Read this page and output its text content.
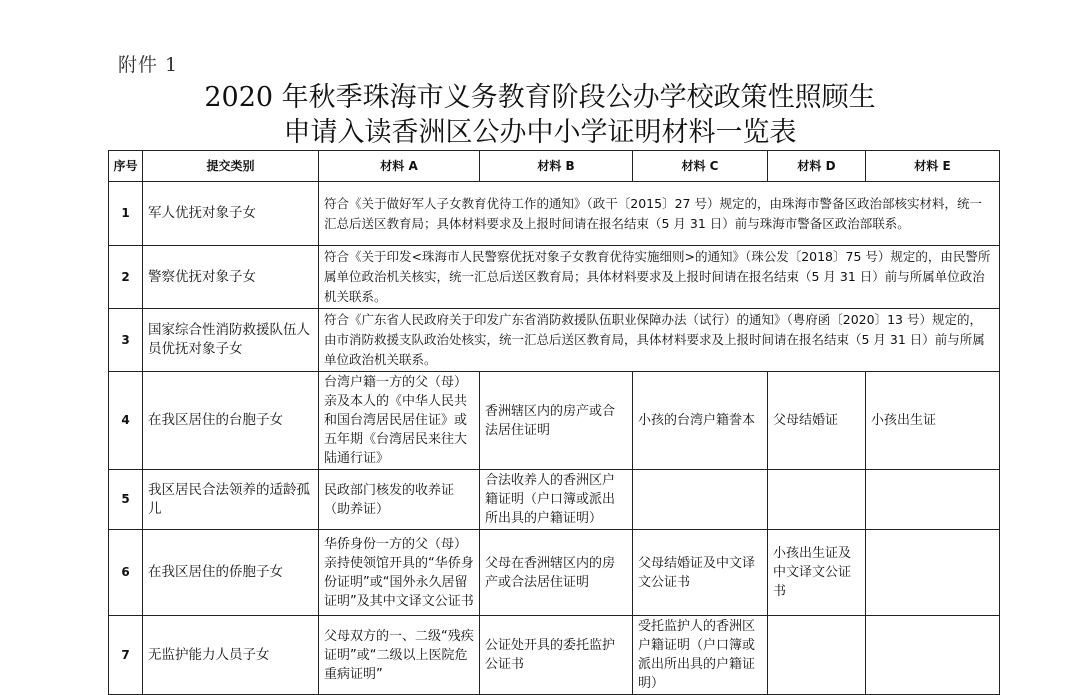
附件 1
2020 年秋季珠海市义务教育阶段公办学校政策性照顾生
申请入读香洲区公办中小学证明材料一览表
序号	提交类别	材料 A	材料 B	材料 C	材料 D	材料 E
1	军人优抚对象子女	符合《关于做好军人子女教育优待工作的通知》（政干〔2015〕27 号）规定的，由珠海市警备区政治部核实材料，统一汇总后送区教育局；具体材料要求及上报时间请在报名结束（5 月 31 日）前与珠海市警备区政治部联系。				
2	警察优抚对象子女	符合《关于印发<珠海市人民警察优抚对象子女教育优待实施细则>的通知》（珠公发〔2018〕75 号）规定的，由民警所属单位政治机关核实，统一汇总后送区教育局；具体材料要求及上报时间请在报名结束（5 月 31 日）前与所属单位政治机关联系。				
3	国家综合性消防救援队伍人员优抚对象子女	符合《广东省人民政府关于印发广东省消防救援队伍职业保障办法（试行）的通知》（粤府函〔2020〕13 号）规定的，由市消防救援支队政治处核实，统一汇总后送区教育局，具体材料要求及上报时间请在报名结束（5 月 31 日）前与所属单位政治机关联系。				
4	在我区居住的台胞子女	台湾户籍一方的父（母）亲及本人的《中华人民共和国台湾居民居住证》或五年期《台湾居民来往大陆通行证》	香洲辖区内的房产或合法居住证明	小孩的台湾户籍誊本	父母结婚证	小孩出生证
5	我区居民合法领养的适龄孤儿	民政部门核发的收养证（助养证）	合法收养人的香洲区户籍证明（户口簿或派出所出具的户籍证明）			
6	在我区居住的侨胞子女	华侨身份一方的父（母）亲持使领馆开具的“华侨身份证明”或“国外永久居留证明”及其中文译文公证书	父母在香洲辖区内的房产或合法居住证明	父母结婚证及中文译文公证书	小孩出生证及中文译文公证书	
7	无监护能力人员子女	父母双方的一、二级“残疾证明”或“二级以上医院危重病证明”	公证处开具的委托监护公证书	受托监护人的香洲区户籍证明（户口簿或派出所出具的户籍证明）		
